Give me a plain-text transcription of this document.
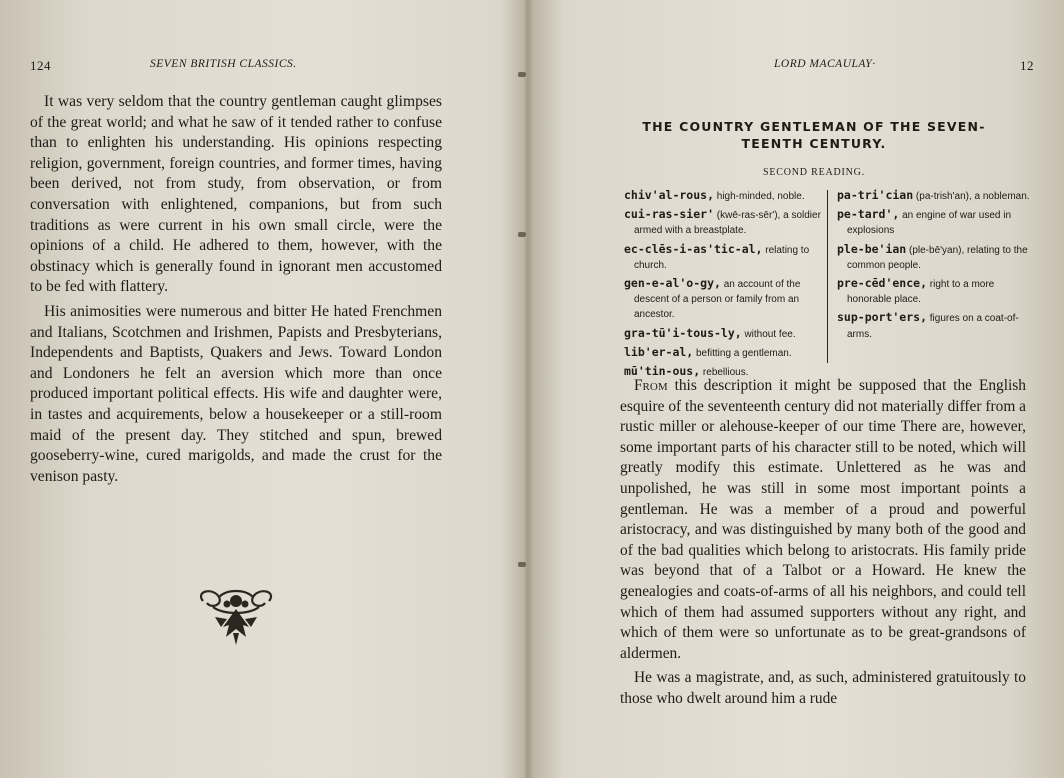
124	SEVEN BRITISH CLASSICS.

It was very seldom that the country gentleman caught glimpses of the great world; and what he saw of it tended rather to confuse than to enlighten his understanding. His opinions respecting religion, government, foreign countries, and former times, having been derived, not from study, from observation, or from conversation with enlightened, companions, but from such traditions as were current in his own small circle, were the opinions of a child. He adhered to them, however, with the obstinacy which is generally found in ignorant men accustomed to be fed with flattery.

His animosities were numerous and bitter He hated Frenchmen and Italians, Scotchmen and Irishmen, Papists and Presbyterians, Independents and Baptists, Quakers and Jews. Toward London and Londoners he felt an aversion which more than once produced important political effects. His wife and daughter were, in tastes and acquirements, below a housekeeper or a still-room maid of the present day. They stitched and spun, brewed gooseberry-wine, cured marigolds, and made the crust for the venison pasty.

LORD MACAULAY·	12
THE COUNTRY GENTLEMAN OF THE SEVEN-
TEENTH CENTURY.
SECOND READING.
chiv'al-rous, high-minded, noble.
cui-ras-sier' (kwē-ras-sēr'), a soldier armed with a breastplate.
ec-clēs-i-as'tic-al, relating to church.
gen-e-al'o-gy, an account of the descent of a person or family from an ancestor.
gra-tū'i-tous-ly, without fee.
lib'er-al, befitting a gentleman.
mū'tin-ous, rebellious.
pa-tri'cian (pa-trish'an), a nobleman.
pe-tard', an engine of war used in explosions
ple-be'ian (ple-bē'yan), relating to the common people.
pre-cēd'ence, right to a more honorable place.
sup-port'ers, figures on a coat-of-arms.

From this description it might be supposed that the English esquire of the seventeenth century did not materially differ from a rustic miller or alehouse-keeper of our time There are, however, some important parts of his character still to be noted, which will greatly modify this estimate. Unlettered as he was and unpolished, he was still in some most important points a gentleman. He was a member of a proud and powerful aristocracy, and was distinguished by many both of the good and of the bad qualities which belong to aristocrats. His family pride was beyond that of a Talbot or a Howard. He knew the genealogies and coats-of-arms of all his neighbors, and could tell which of them had assumed supporters without any right, and which of them were so unfortunate as to be great-grandsons of aldermen.

He was a magistrate, and, as such, administered gratuitously to those who dwelt around him a rude
